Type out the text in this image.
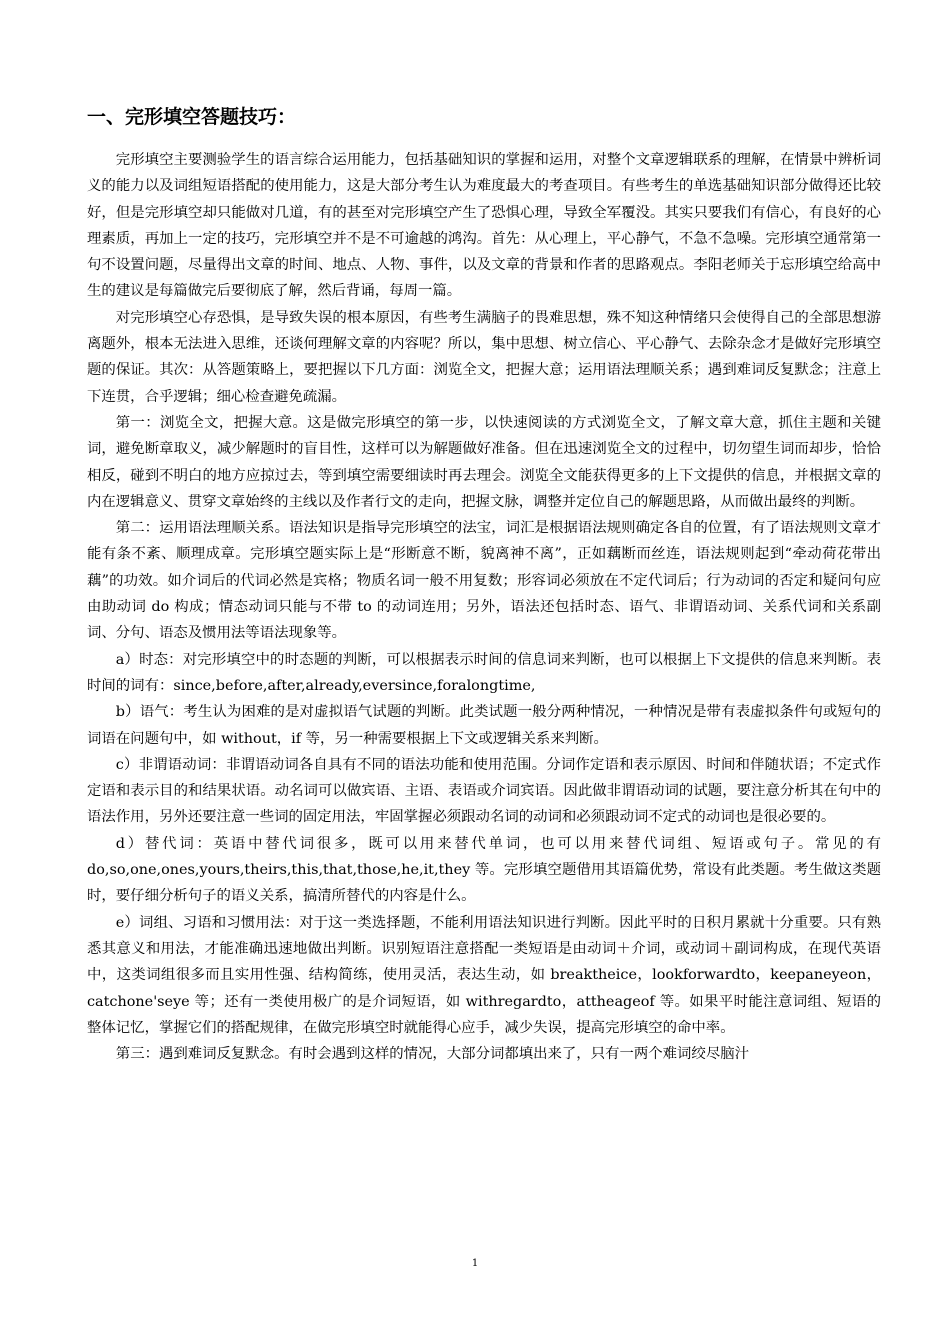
一、完形填空答题技巧：

完形填空主要测验学生的语言综合运用能力，包括基础知识的掌握和运用，对整个文章逻辑联系的理解，在情景中辨析词义的能力以及词组短语搭配的使用能力，这是大部分考生认为难度最大的考查项目。有些考生的单选基础知识部分做得还比较好，但是完形填空却只能做对几道，有的甚至对完形填空产生了恐惧心理，导致全军覆没。其实只要我们有信心，有良好的心理素质，再加上一定的技巧，完形填空并不是不可逾越的鸿沟。首先：从心理上，平心静气，不急不急噪。完形填空通常第一句不设置问题，尽量得出文章的时间、地点、人物、事件，以及文章的背景和作者的思路观点。李阳老师关于忘形填空给高中生的建议是每篇做完后要彻底了解，然后背诵，每周一篇。

对完形填空心存恐惧，是导致失误的根本原因，有些考生满脑子的畏难思想，殊不知这种情绪只会使得自己的全部思想游离题外，根本无法进入思维，还谈何理解文章的内容呢？所以，集中思想、树立信心、平心静气、去除杂念才是做好完形填空题的保证。其次：从答题策略上，要把握以下几方面：浏览全文，把握大意；运用语法理顺关系；遇到难词反复默念；注意上下连贯，合乎逻辑；细心检查避免疏漏。

第一：浏览全文，把握大意。这是做完形填空的第一步，以快速阅读的方式浏览全文，了解文章大意，抓住主题和关键词，避免断章取义，减少解题时的盲目性，这样可以为解题做好准备。但在迅速浏览全文的过程中，切勿望生词而却步，恰恰相反，碰到不明白的地方应掠过去，等到填空需要细读时再去理会。浏览全文能获得更多的上下文提供的信息，并根据文章的内在逻辑意义、贯穿文章始终的主线以及作者行文的走向，把握文脉，调整并定位自己的解题思路，从而做出最终的判断。

第二：运用语法理顺关系。语法知识是指导完形填空的法宝，词汇是根据语法规则确定各自的位置，有了语法规则文章才能有条不紊、顺理成章。完形填空题实际上是“形断意不断，貌离神不离”，正如藕断而丝连，语法规则起到“牵动荷花带出藕”的功效。如介词后的代词必然是宾格；物质名词一般不用复数；形容词必须放在不定代词后；行为动词的否定和疑问句应由助动词 do 构成；情态动词只能与不带 to 的动词连用；另外，语法还包括时态、语气、非谓语动词、关系代词和关系副词、分句、语态及惯用法等语法现象等。

a）时态：对完形填空中的时态题的判断，可以根据表示时间的信息词来判断，也可以根据上下文提供的信息来判断。表时间的词有：since,before,after,already,eversince,foralongtime,

b）语气：考生认为困难的是对虚拟语气试题的判断。此类试题一般分两种情况，一种情况是带有表虚拟条件句或短句的词语在问题句中，如 without，if 等，另一种需要根据上下文或逻辑关系来判断。

c）非谓语动词：非谓语动词各自具有不同的语法功能和使用范围。分词作定语和表示原因、时间和伴随状语；不定式作定语和表示目的和结果状语。动名词可以做宾语、主语、表语或介词宾语。因此做非谓语动词的试题，要注意分析其在句中的语法作用，另外还要注意一些词的固定用法，牢固掌握必须跟动名词的动词和必须跟动词不定式的动词也是很必要的。

d）替代词：英语中替代词很多，既可以用来替代单词，也可以用来替代词组、短语或句子。常见的有 do,so,one,ones,yours,theirs,this,that,those,he,it,they 等。完形填空题借用其语篇优势，常设有此类题。考生做这类题时，要仔细分析句子的语义关系，搞清所替代的内容是什么。

e）词组、习语和习惯用法：对于这一类选择题，不能利用语法知识进行判断。因此平时的日积月累就十分重要。只有熟悉其意义和用法，才能准确迅速地做出判断。识别短语注意搭配一类短语是由动词＋介词，或动词＋副词构成，在现代英语中，这类词组很多而且实用性强、结构简练，使用灵活，表达生动，如 breaktheice，lookforwardto，keepaneyeon，catchone'seye 等；还有一类使用极广的是介词短语，如 withregardto，attheageof 等。如果平时能注意词组、短语的整体记忆，掌握它们的搭配规律，在做完形填空时就能得心应手，减少失误，提高完形填空的命中率。

第三：遇到难词反复默念。有时会遇到这样的情况，大部分词都填出来了，只有一两个难词绞尽脑汁

1
